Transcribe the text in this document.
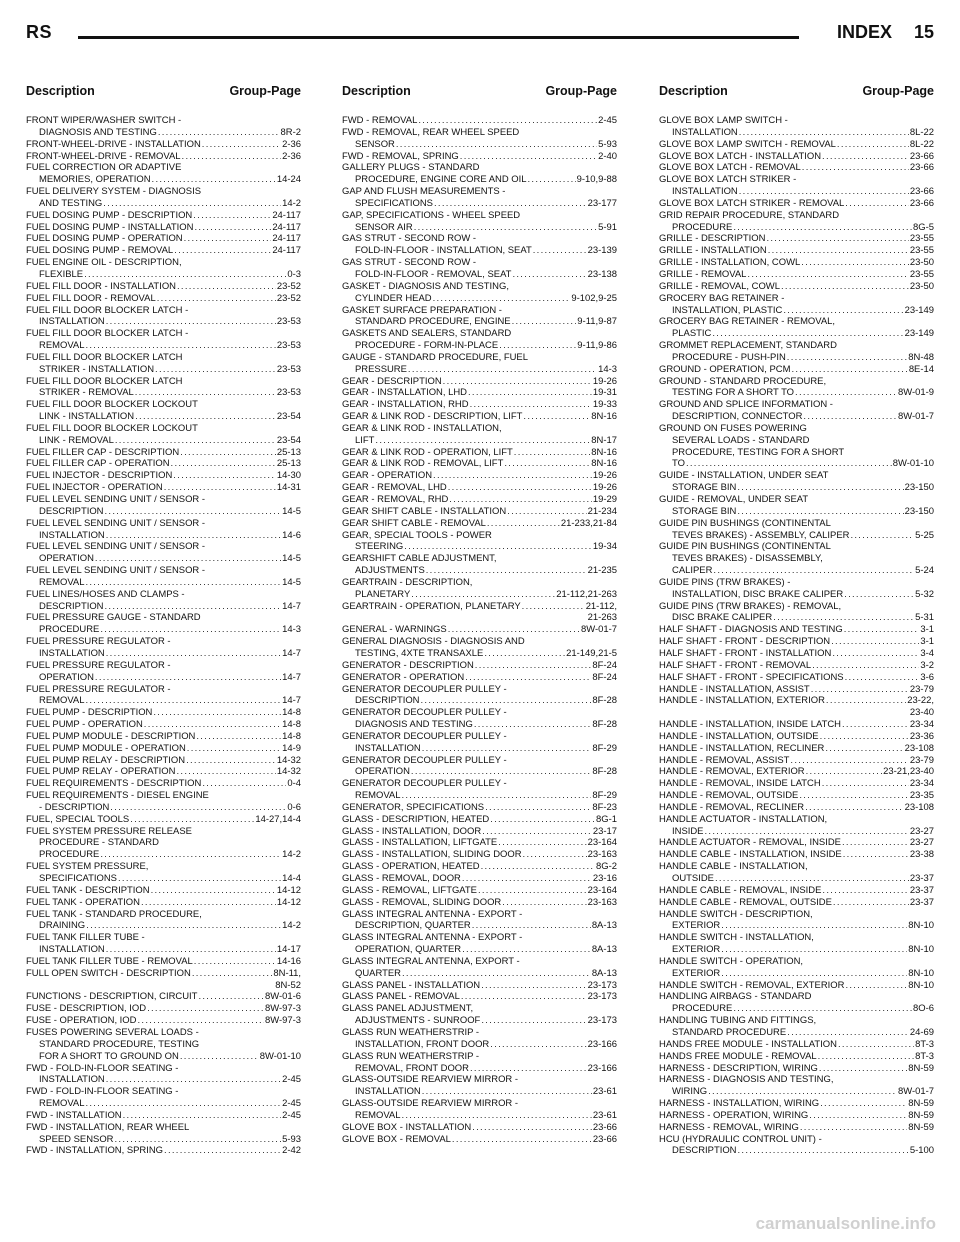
RS	INDEX 15
Description	Group-Page	Description	Group-Page	Description	Group-Page
FRONT WIPER/WASHER SWITCH -
DIAGNOSIS AND TESTING .....	8R-2
FRONT-WHEEL-DRIVE - INSTALLATION .....	2-36
FRONT-WHEEL-DRIVE - REMOVAL .....	2-36
FUEL CORRECTION OR ADAPTIVE
MEMORIES, OPERATION .....	14-24
FUEL DELIVERY SYSTEM - DIAGNOSIS
AND TESTING .....	14-2
FUEL DOSING PUMP - DESCRIPTION .....	24-117
FUEL DOSING PUMP - INSTALLATION .....	24-117
FUEL DOSING PUMP - OPERATION .....	24-117
FUEL DOSING PUMP - REMOVAL .....	24-117
FUEL ENGINE OIL - DESCRIPTION,
FLEXIBLE .....	0-3
FUEL FILL DOOR - INSTALLATION .....	23-52
FUEL FILL DOOR - REMOVAL .....	23-52
FUEL FILL DOOR BLOCKER LATCH -
INSTALLATION .....	23-53
FUEL FILL DOOR BLOCKER LATCH -
REMOVAL .....	23-53
FUEL FILL DOOR BLOCKER LATCH
STRIKER - INSTALLATION .....	23-53
FUEL FILL DOOR BLOCKER LATCH
STRIKER - REMOVAL .....	23-53
FUEL FILL DOOR BLOCKER LOCKOUT
LINK - INSTALLATION .....	23-54
FUEL FILL DOOR BLOCKER LOCKOUT
LINK - REMOVAL .....	23-54
FUEL FILLER CAP - DESCRIPTION .....	25-13
FUEL FILLER CAP - OPERATION .....	25-13
FUEL INJECTOR - DESCRIPTION .....	14-30
FUEL INJECTOR - OPERATION .....	14-31
FUEL LEVEL SENDING UNIT / SENSOR -
DESCRIPTION .....	14-5
FUEL LEVEL SENDING UNIT / SENSOR -
INSTALLATION .....	14-6
FUEL LEVEL SENDING UNIT / SENSOR -
OPERATION .....	14-5
FUEL LEVEL SENDING UNIT / SENSOR -
REMOVAL .....	14-5
FUEL LINES/HOSES AND CLAMPS -
DESCRIPTION .....	14-7
FUEL PRESSURE GAUGE - STANDARD
PROCEDURE .....	14-3
FUEL PRESSURE REGULATOR -
INSTALLATION .....	14-7
FUEL PRESSURE REGULATOR -
OPERATION .....	14-7
FUEL PRESSURE REGULATOR -
REMOVAL .....	14-7
FUEL PUMP - DESCRIPTION .....	14-8
FUEL PUMP - OPERATION .....	14-8
FUEL PUMP MODULE - DESCRIPTION .....	14-8
FUEL PUMP MODULE - OPERATION .....	14-9
FUEL PUMP RELAY - DESCRIPTION .....	14-32
FUEL PUMP RELAY - OPERATION .....	14-32
FUEL REQUIREMENTS - DESCRIPTION .....	0-4
FUEL REQUIREMENTS - DIESEL ENGINE
- DESCRIPTION .....	0-6
FUEL, SPECIAL TOOLS .....	14-27,14-4
FUEL SYSTEM PRESSURE RELEASE
PROCEDURE - STANDARD
PROCEDURE .....	14-2
FUEL SYSTEM PRESSURE,
SPECIFICATIONS .....	14-4
FUEL TANK - DESCRIPTION .....	14-12
FUEL TANK - OPERATION .....	14-12
FUEL TANK - STANDARD PROCEDURE,
DRAINING .....	14-2
FUEL TANK FILLER TUBE -
INSTALLATION .....	14-17
FUEL TANK FILLER TUBE - REMOVAL .....	14-16
FULL OPEN SWITCH - DESCRIPTION .....	8N-11,
8N-52
FUNCTIONS - DESCRIPTION, CIRCUIT .....	8W-01-6
FUSE - DESCRIPTION, IOD .....	8W-97-3
FUSE - OPERATION, IOD .....	8W-97-3
FUSES POWERING SEVERAL LOADS -
STANDARD PROCEDURE, TESTING
FOR A SHORT TO GROUND ON .....	8W-01-10
FWD - FOLD-IN-FLOOR SEATING -
INSTALLATION .....	2-45
FWD - FOLD-IN-FLOOR SEATING -
REMOVAL .....	2-45
FWD - INSTALLATION .....	2-45
FWD - INSTALLATION, REAR WHEEL
SPEED SENSOR .....	5-93
FWD - INSTALLATION, SPRING .....	2-42
FWD - REMOVAL .....	2-45
FWD - REMOVAL, REAR WHEEL SPEED
SENSOR .....	5-93
FWD - REMOVAL, SPRING .....	2-40
GALLERY PLUGS - STANDARD
PROCEDURE, ENGINE CORE AND OIL .....	9-10,9-88
GAP AND FLUSH MEASUREMENTS -
SPECIFICATIONS .....	23-177
GAP, SPECIFICATIONS - WHEEL SPEED
SENSOR AIR .....	5-91
GAS STRUT - SECOND ROW -
FOLD-IN-FLOOR - INSTALLATION, SEAT .....	23-139
GAS STRUT - SECOND ROW -
FOLD-IN-FLOOR - REMOVAL, SEAT .....	23-138
GASKET - DIAGNOSIS AND TESTING,
CYLINDER HEAD .....	9-102,9-25
GASKET SURFACE PREPARATION -
STANDARD PROCEDURE, ENGINE .....	9-11,9-87
GASKETS AND SEALERS, STANDARD
PROCEDURE - FORM-IN-PLACE .....	9-11,9-86
GAUGE - STANDARD PROCEDURE, FUEL
PRESSURE .....	14-3
GEAR - DESCRIPTION .....	19-26
GEAR - INSTALLATION, LHD .....	19-31
GEAR - INSTALLATION, RHD .....	19-33
GEAR & LINK ROD - DESCRIPTION, LIFT .....	8N-16
GEAR & LINK ROD - INSTALLATION,
LIFT .....	8N-17
GEAR & LINK ROD - OPERATION, LIFT .....	8N-16
GEAR & LINK ROD - REMOVAL, LIFT .....	8N-16
GEAR - OPERATION .....	19-26
GEAR - REMOVAL, LHD .....	19-26
GEAR - REMOVAL, RHD .....	19-29
GEAR SHIFT CABLE - INSTALLATION .....	21-234
GEAR SHIFT CABLE - REMOVAL .....	21-233,21-84
GEAR, SPECIAL TOOLS - POWER
STEERING .....	19-34
GEARSHIFT CABLE ADJUSTMENT,
ADJUSTMENTS .....	21-235
GEARTRAIN - DESCRIPTION,
PLANETARY .....	21-112,21-263
GEARTRAIN - OPERATION, PLANETARY .....	21-112,
21-263
GENERAL - WARNINGS .....	8W-01-7
GENERAL DIAGNOSIS - DIAGNOSIS AND
TESTING, 4XTE TRANSAXLE .....	21-149,21-5
GENERATOR - DESCRIPTION .....	8F-24
GENERATOR - OPERATION .....	8F-24
GENERATOR DECOUPLER PULLEY -
DESCRIPTION .....	8F-28
GENERATOR DECOUPLER PULLEY -
DIAGNOSIS AND TESTING .....	8F-28
GENERATOR DECOUPLER PULLEY -
INSTALLATION .....	8F-29
GENERATOR DECOUPLER PULLEY -
OPERATION .....	8F-28
GENERATOR DECOUPLER PULLEY -
REMOVAL .....	8F-29
GENERATOR, SPECIFICATIONS .....	8F-23
GLASS - DESCRIPTION, HEATED .....	8G-1
GLASS - INSTALLATION, DOOR .....	23-17
GLASS - INSTALLATION, LIFTGATE .....	23-164
GLASS - INSTALLATION, SLIDING DOOR .....	23-163
GLASS - OPERATION, HEATED .....	8G-2
GLASS - REMOVAL, DOOR .....	23-16
GLASS - REMOVAL, LIFTGATE .....	23-164
GLASS - REMOVAL, SLIDING DOOR .....	23-163
GLASS INTEGRAL ANTENNA - EXPORT -
DESCRIPTION, QUARTER .....	8A-13
GLASS INTEGRAL ANTENNA - EXPORT -
OPERATION, QUARTER .....	8A-13
GLASS INTEGRAL ANTENNA, EXPORT -
QUARTER .....	8A-13
GLASS PANEL - INSTALLATION .....	23-173
GLASS PANEL - REMOVAL .....	23-173
GLASS PANEL ADJUSTMENT,
ADJUSTMENTS - SUNROOF .....	23-173
GLASS RUN WEATHERSTRIP -
INSTALLATION, FRONT DOOR .....	23-166
GLASS RUN WEATHERSTRIP -
REMOVAL, FRONT DOOR .....	23-166
GLASS-OUTSIDE REARVIEW MIRROR -
INSTALLATION .....	23-61
GLASS-OUTSIDE REARVIEW MIRROR -
REMOVAL .....	23-61
GLOVE BOX - INSTALLATION .....	23-66
GLOVE BOX - REMOVAL .....	23-66
GLOVE BOX LAMP SWITCH -
INSTALLATION .....	8L-22
GLOVE BOX LAMP SWITCH - REMOVAL .....	8L-22
GLOVE BOX LATCH - INSTALLATION .....	23-66
GLOVE BOX LATCH - REMOVAL .....	23-66
GLOVE BOX LATCH STRIKER -
INSTALLATION .....	23-66
GLOVE BOX LATCH STRIKER - REMOVAL .....	23-66
GRID REPAIR PROCEDURE, STANDARD
PROCEDURE .....	8G-5
GRILLE - DESCRIPTION .....	23-55
GRILLE - INSTALLATION .....	23-55
GRILLE - INSTALLATION, COWL .....	23-50
GRILLE - REMOVAL .....	23-55
GRILLE - REMOVAL, COWL .....	23-50
GROCERY BAG RETAINER -
INSTALLATION, PLASTIC .....	23-149
GROCERY BAG RETAINER - REMOVAL,
PLASTIC .....	23-149
GROMMET REPLACEMENT, STANDARD
PROCEDURE - PUSH-PIN .....	8N-48
GROUND - OPERATION, PCM .....	8E-14
GROUND - STANDARD PROCEDURE,
TESTING FOR A SHORT TO .....	8W-01-9
GROUND AND SPLICE INFORMATION -
DESCRIPTION, CONNECTOR .....	8W-01-7
GROUND ON FUSES POWERING
SEVERAL LOADS - STANDARD
PROCEDURE, TESTING FOR A SHORT
TO .....	8W-01-10
GUIDE - INSTALLATION, UNDER SEAT
STORAGE BIN .....	23-150
GUIDE - REMOVAL, UNDER SEAT
STORAGE BIN .....	23-150
GUIDE PIN BUSHINGS (CONTINENTAL
TEVES BRAKES) - ASSEMBLY, CALIPER .....	5-25
GUIDE PIN BUSHINGS (CONTINENTAL
TEVES BRAKES) - DISASSEMBLY,
CALIPER .....	5-24
GUIDE PINS (TRW BRAKES) -
INSTALLATION, DISC BRAKE CALIPER .....	5-32
GUIDE PINS (TRW BRAKES) - REMOVAL,
DISC BRAKE CALIPER .....	5-31
HALF SHAFT - DIAGNOSIS AND TESTING .....	3-1
HALF SHAFT - FRONT - DESCRIPTION .....	3-1
HALF SHAFT - FRONT - INSTALLATION .....	3-4
HALF SHAFT - FRONT - REMOVAL .....	3-2
HALF SHAFT - FRONT - SPECIFICATIONS .....	3-6
HANDLE - INSTALLATION, ASSIST .....	23-79
HANDLE - INSTALLATION, EXTERIOR .....	23-22,
23-40
HANDLE - INSTALLATION, INSIDE LATCH .....	23-34
HANDLE - INSTALLATION, OUTSIDE .....	23-36
HANDLE - INSTALLATION, RECLINER .....	23-108
HANDLE - REMOVAL, ASSIST .....	23-79
HANDLE - REMOVAL, EXTERIOR .....	23-21,23-40
HANDLE - REMOVAL, INSIDE LATCH .....	23-34
HANDLE - REMOVAL, OUTSIDE .....	23-35
HANDLE - REMOVAL, RECLINER .....	23-108
HANDLE ACTUATOR - INSTALLATION,
INSIDE .....	23-27
HANDLE ACTUATOR - REMOVAL, INSIDE .....	23-27
HANDLE CABLE - INSTALLATION, INSIDE .....	23-38
HANDLE CABLE - INSTALLATION,
OUTSIDE .....	23-37
HANDLE CABLE - REMOVAL, INSIDE .....	23-37
HANDLE CABLE - REMOVAL, OUTSIDE .....	23-37
HANDLE SWITCH - DESCRIPTION,
EXTERIOR .....	8N-10
HANDLE SWITCH - INSTALLATION,
EXTERIOR .....	8N-10
HANDLE SWITCH - OPERATION,
EXTERIOR .....	8N-10
HANDLE SWITCH - REMOVAL, EXTERIOR .....	8N-10
HANDLING AIRBAGS - STANDARD
PROCEDURE .....	8O-6
HANDLING TUBING AND FITTINGS,
STANDARD PROCEDURE .....	24-69
HANDS FREE MODULE - INSTALLATION .....	8T-3
HANDS FREE MODULE - REMOVAL .....	8T-3
HARNESS - DESCRIPTION, WIRING .....	8N-59
HARNESS - DIAGNOSIS AND TESTING,
WIRING .....	8W-01-7
HARNESS - INSTALLATION, WIRING .....	8N-59
HARNESS - OPERATION, WIRING .....	8N-59
HARNESS - REMOVAL, WIRING .....	8N-59
HCU (HYDRAULIC CONTROL UNIT) -
DESCRIPTION .....	5-100
carmanualsonline.info
